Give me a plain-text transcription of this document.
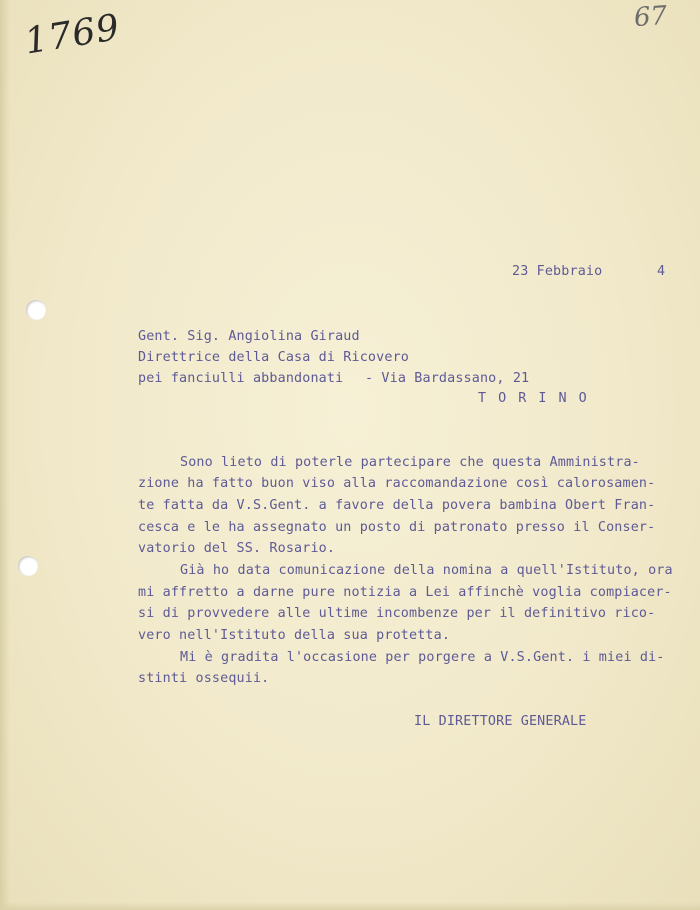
1769	67
23 Febbraio	4
Gent. Sig. Angiolina Giraud
Direttrice della Casa di Ricovero
pei fanciulli abbandonati - Via Bardassano, 21
T O R I N O
Sono lieto di poterle partecipare che questa Amministra-
zione ha fatto buon viso alla raccomandazione così calorosamen-
te fatta da V.S.Gent. a favore della povera bambina Obert Fran-
cesca e le ha assegnato un posto di patronato presso il Conser-
vatorio del SS. Rosario.
Già ho data comunicazione della nomina a quell'Istituto, ora
mi affretto a darne pure notizia a Lei affinchè voglia compiacer-
si di provvedere alle ultime incombenze per il definitivo rico-
vero nell'Istituto della sua protetta.
Mi è gradita l'occasione per porgere a V.S.Gent. i miei di-
stinti ossequii.
IL DIRETTORE GENERALE
